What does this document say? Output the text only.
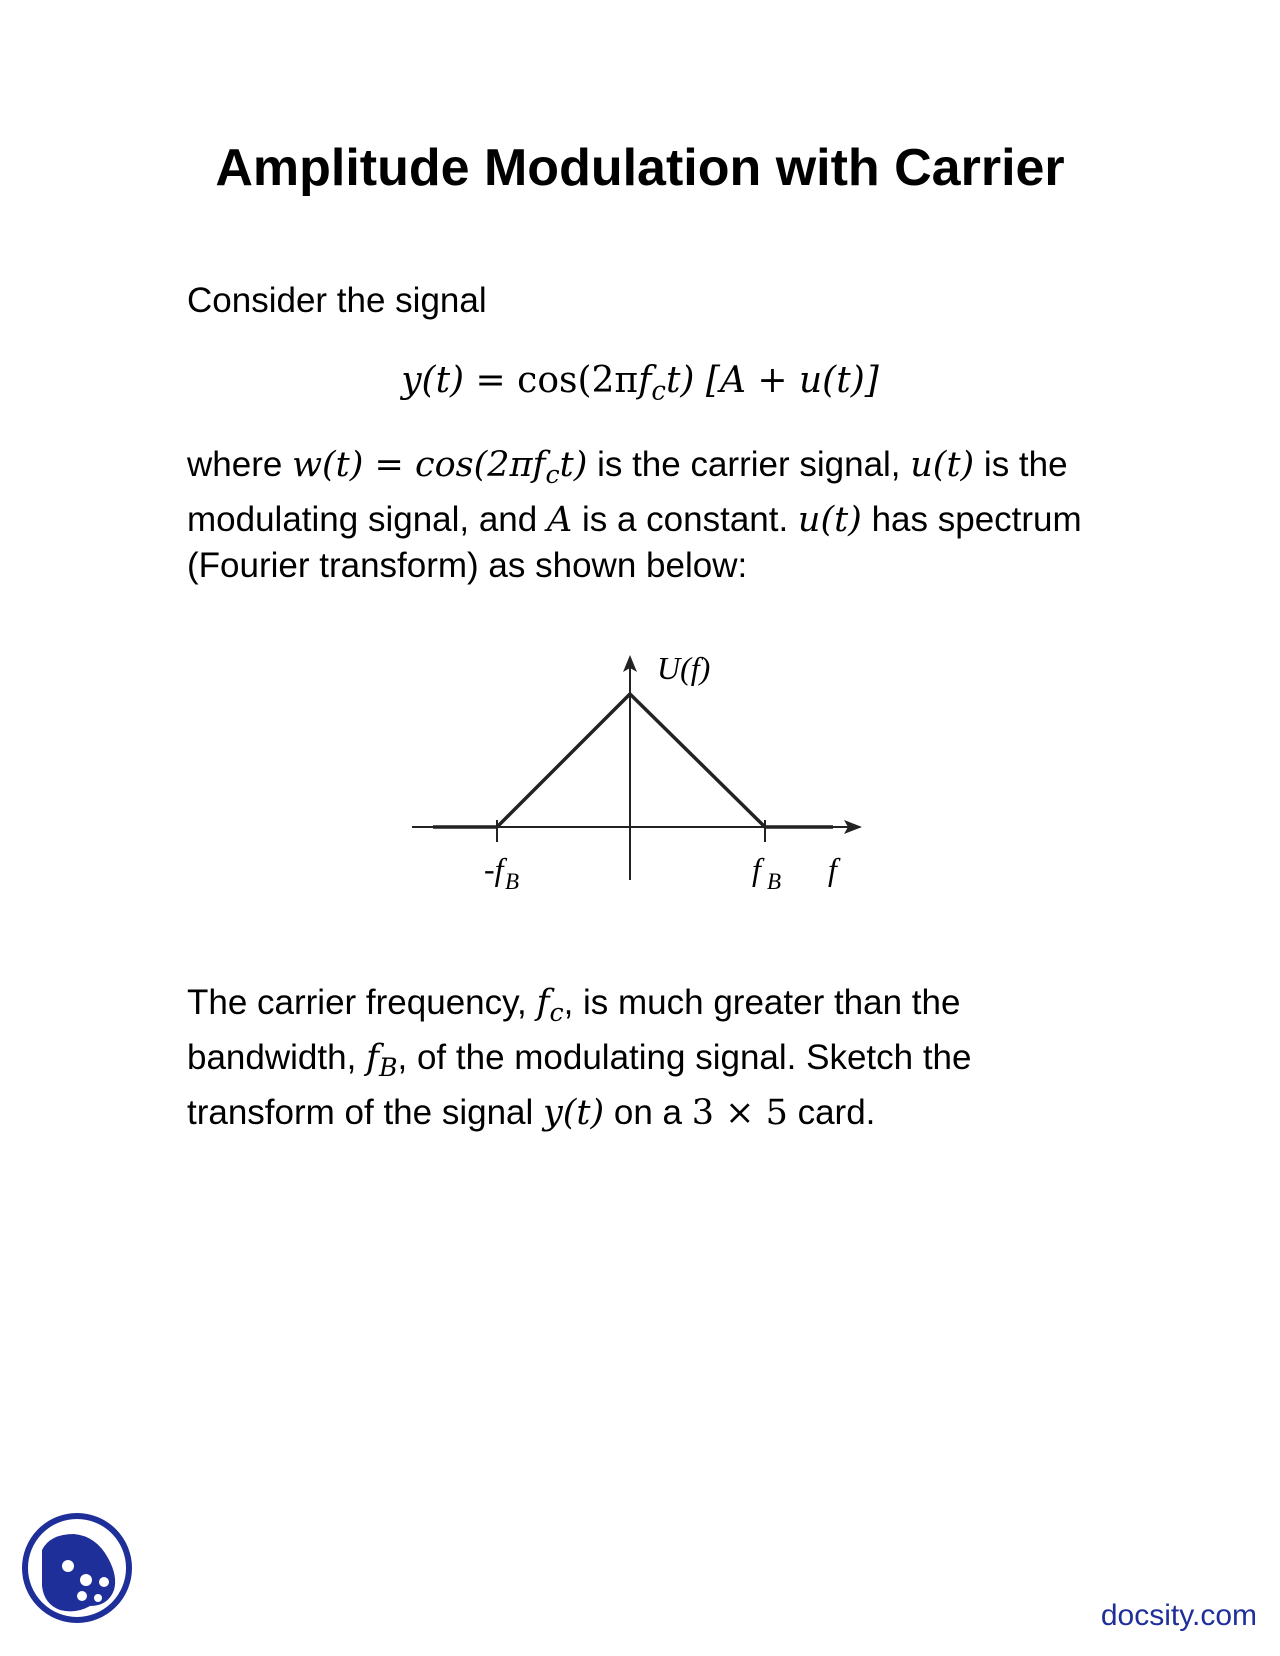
Amplitude Modulation with Carrier
Consider the signal
$y(t) = \cos(2\pi f_ct) [A + u(t)]$
where $w(t) = \cos(2\pi f_ct)$ is the carrier signal, u(t) is the modulating signal, and A is a constant. u(t) has spectrum (Fourier transform) as shown below:
U(f)
-f B	f B f
The carrier frequency, $f_c$, is much greater than the bandwidth, $f_B$, of the modulating signal. Sketch the transform of the signal y(t) on a 3 × 5 card.
docsity.com
